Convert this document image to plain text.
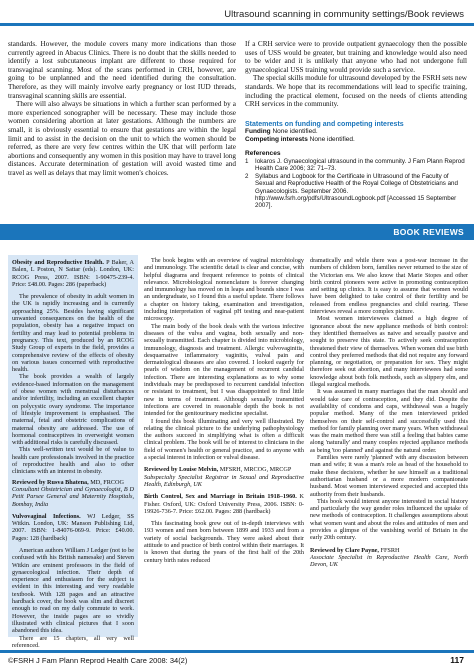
Ultrasound scanning in community settings/Book reviews

standards. However, the module covers many more indications than those currently agreed in Abacus Clinics. There is no doubt that the skills needed to identify a lost subcutaneous implant are different to those required for transvaginal scanning. Most of the scans performed in CRH, however, are going to be unplanned and the need identified during the consultation. Therefore, as they will mainly involve early pregnancy or lost IUD threads, transvaginal scanning skills are essential.

There will also always be situations in which a further scan performed by a more experienced sonographer will be necessary. These may include those women considering abortion at later gestations. Although the numbers are small, it is obviously essential to ensure that gestations are within the legal limit and to assist in the decision on the unit to which the women should be referred, as there are very few centres within the UK that will perform late abortions and consequently any women in this position may have to travel long distances. Accurate determination of gestation will avoid wasted time and travel as well as delays that may limit women's choices.

If a CRH service were to provide outpatient gynaecology then the possible uses of USS would be greater, but training and knowledge would also need to be wider and it is unlikely that anyone who had not undergone full gynaecological USS training would provide such a service.

The special skills module for ultrasound developed by the FSRH sets new standards. We hope that its recommendations will lead to specific training, including the practical element, focused on the needs of clients attending CRH services in the community.

Statements on funding and competing interests
Funding None identified.
Competing interests None identified.
References
1	Iokaros J. Gynaecological ultrasound in the community. J Fam Plann Reprod Health Care 2006; 32: 71–73.
2	Syllabus and Logbook for the Certificate in Ultrasound of the Faculty of Sexual and Reproductive Health of the Royal College of Obstetricians and Gynaecologists. September 2006. http://www.fsrh.org/pdfs/UltrasoundLogbook.pdf [Accessed 15 September 2007].
BOOK REVIEWS

Obesity and Reproductive Health. P Baker, A Balen, L Poston, N Sattar (eds). London, UK: RCOG Press, 2007. ISBN: 1-90475-239-4. Price: £48.00. Pages: 286 (paperback)

The prevalence of obesity in adult women in the UK is rapidly increasing and is currently approaching 25%. Besides having significant unwanted consequences on the health of the population, obesity has a negative impact on fertility and may lead to potential problems in pregnancy. This text, produced by an RCOG Study Group of experts in the field, provides a comprehensive review of the effects of obesity on various issues concerned with reproductive health.

The book provides a wealth of largely evidence-based information on the management of obese women with menstrual disturbances and/or infertility, including an excellent chapter on polycystic ovary syndrome. The importance of lifestyle improvement is emphasised. The maternal, fetal and obstetric complications of maternal obesity are addressed. The use of hormonal contraceptives in overweight women with additional risks is carefully discussed.

This well-written text would be of value to health care professionals involved in the practice of reproductive health and also to other clinicians with an interest in obesity.

Reviewed by Rusva Bhatena, MD, FRCOG

Consultant Obstetrician and Gynaecologist, B D Petit Parsee General and Maternity Hospitals, Bombay, India

Vulvovaginal Infections. WJ Ledger, SS Witkin. London, UK: Manson Publishing Ltd, 2007. ISBN: 1-84076-069-9. Price: £40.00. Pages: 128 (hardback)

American authors William J Ledger (not to be confused with his British namesake) and Steven Witkin are eminent professors in the field of gynaecological infection. Their depth of experience and enthusiasm for the subject is evident in this interesting and very readable textbook. With 128 pages and an attractive hardback cover, the book was slim and discreet enough to read on my daily commute to work. However, the inside pages are so vividly illustrated with clinical pictures that I soon abandoned this idea.

There are 15 chapters, all very well referenced.

The book begins with an overview of vaginal microbiology and immunology. The scientific detail is clear and concise, with helpful diagrams and frequent reference to points of clinical relevance. Microbiological nomenclature is forever changing and immunology has moved on in leaps and bounds since I was an undergraduate, so I found this a useful update. There follows a chapter on history taking, examination and investigation, including interpretation of vaginal pH testing and near-patient microscopy.

The main body of the book deals with the various infective diseases of the vulva and vagina, both sexually and non-sexually transmitted. Each chapter is divided into microbiology, immunology, diagnosis and treatment. Allergic vulvovaginitis, desquamative inflammatory vaginitis, vulval pain and dermatological diseases are also covered. I looked eagerly for pearls of wisdom on the management of recurrent candidal infection. There are interesting explanations as to why some individuals may be predisposed to recurrent candidal infection or resistant to treatment, but I was disappointed to find little new in terms of treatment. Although sexually transmitted infections are covered in reasonable depth the book is not intended for the genitourinary medicine specialist.

I found this book illuminating and very well illustrated. By relating the clinical picture to the underlying pathophysiology the authors succeed in simplifying what is often a difficult clinical problem. The book will be of interest to clinicians in the field of women's health or general practice, and to anyone with a special interest in infection or vulval disease.

Reviewed by Louise Melvin, MFSRH, MRCOG, MRCGP

Subspecialty Specialist Registrar in Sexual and Reproductive Health, Edinburgh, UK

Birth Control, Sex and Marriage in Britain 1918–1960. K Fisher. Oxford, UK: Oxford University Press, 2006. ISBN: 0-19926-736-7. Price: £62.00. Pages: 288 (hardback)

This fascinating book grew out of in-depth interviews with 193 women and men born between 1899 and 1933 and from a variety of social backgrounds. They were asked about their attitude to and practice of birth control within their marriages. It is known that during the years of the first half of the 20th century birth rates reduced

dramatically and while there was a post-war increase in the numbers of children born, families never returned to the size of the Victorian era. We also know that Marie Stopes and other birth control pioneers were active in promoting contraception and setting up clinics. It is easy to assume that women would have been delighted to take control of their fertility and be released from endless pregnancies and child rearing. These interviews reveal a more complex picture.

Most women interviewees claimed a high degree of ignorance about the new appliance methods of birth control: they identified themselves as naive and sexually passive and sought to preserve this state. To actively seek contraception threatened their view of themselves. When women did use birth control they preferred methods that did not require any forward planning, or negotiation, or preparation for sex. They might therefore seek out abortion, and many interviewees had some knowledge about both folk methods, such as slippery elm, and illegal surgical methods.

It was assumed in many marriages that the man should and would take care of contraception, and they did. Despite the availability of condoms and caps, withdrawal was a hugely popular method. Many of the men interviewed prided themselves on their self-control and successfully used this method for family planning over many years. When withdrawal was the main method there was still a feeling that babies came along 'naturally' and many couples rejected appliance methods as being 'too planned' and against the natural order.

Families were rarely 'planned' with any discussion between man and wife; it was a man's role as head of the household to make these decisions, whether he saw himself as a traditional authoritarian husband or a more modern companionate husband. Most women interviewed expected and accepted this authority from their husbands.

This book would interest anyone interested in social history and particularly the way gender roles influenced the uptake of new methods of contraception. It challenges assumptions about what women want and about the roles and attitudes of men and provides a glimpse of the vanishing world of Britain in the early 20th century.

Reviewed by Clare Payne, FFSRH

Associate Specialist in Reproductive Health Care, North Devon, UK

©FSRH J Fam Plann Reprod Health Care 2008: 34(2)	117
